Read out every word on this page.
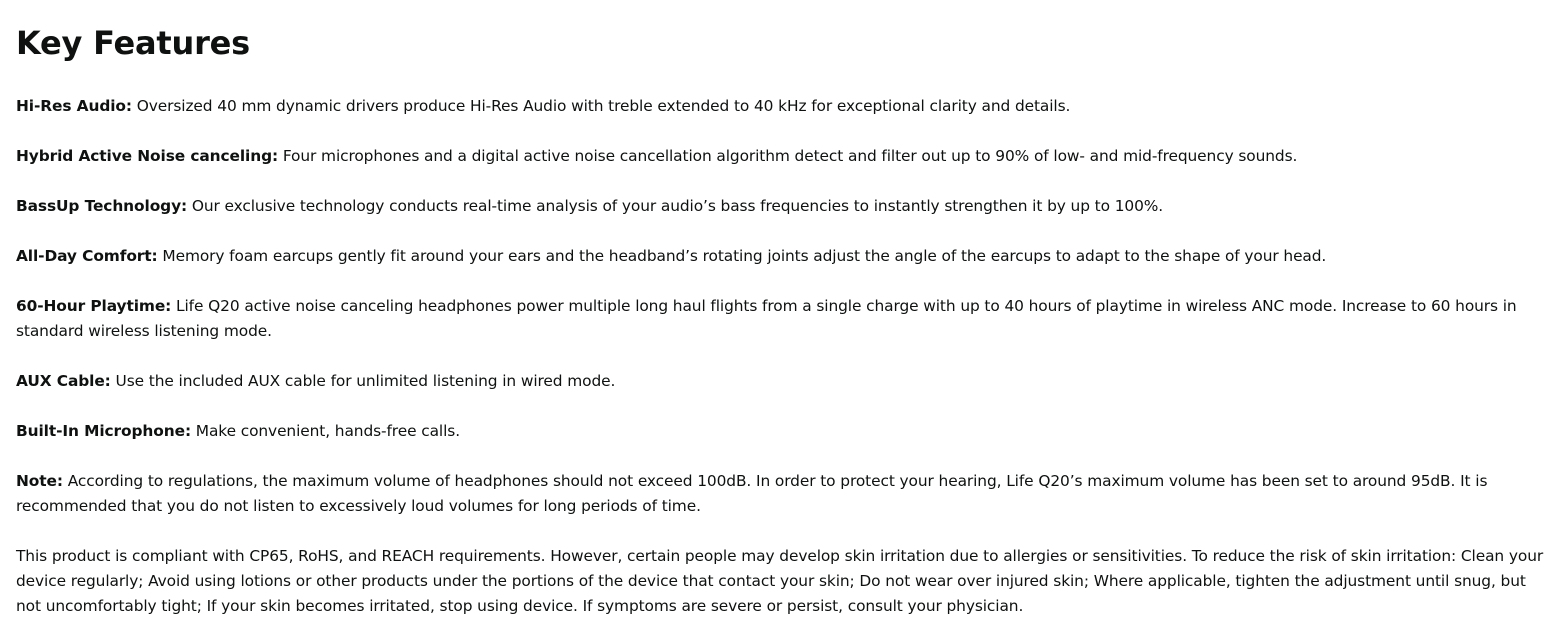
Key Features

Hi-Res Audio: Oversized 40 mm dynamic drivers produce Hi-Res Audio with treble extended to 40 kHz for exceptional clarity and details.

Hybrid Active Noise canceling: Four microphones and a digital active noise cancellation algorithm detect and filter out up to 90% of low- and mid-frequency sounds.

BassUp Technology: Our exclusive technology conducts real-time analysis of your audio’s bass frequencies to instantly strengthen it by up to 100%.

All-Day Comfort: Memory foam earcups gently fit around your ears and the headband’s rotating joints adjust the angle of the earcups to adapt to the shape of your head.

60-Hour Playtime: Life Q20 active noise canceling headphones power multiple long haul flights from a single charge with up to 40 hours of playtime in wireless ANC mode. Increase to 60 hours in standard wireless listening mode.

AUX Cable: Use the included AUX cable for unlimited listening in wired mode.

Built-In Microphone: Make convenient, hands-free calls.

Note: According to regulations, the maximum volume of headphones should not exceed 100dB. In order to protect your hearing, Life Q20’s maximum volume has been set to around 95dB. It is recommended that you do not listen to excessively loud volumes for long periods of time.

This product is compliant with CP65, RoHS, and REACH requirements. However, certain people may develop skin irritation due to allergies or sensitivities. To reduce the risk of skin irritation: Clean your device regularly; Avoid using lotions or other products under the portions of the device that contact your skin; Do not wear over injured skin; Where applicable, tighten the adjustment until snug, but not uncomfortably tight; If your skin becomes irritated, stop using device. If symptoms are severe or persist, consult your physician.
